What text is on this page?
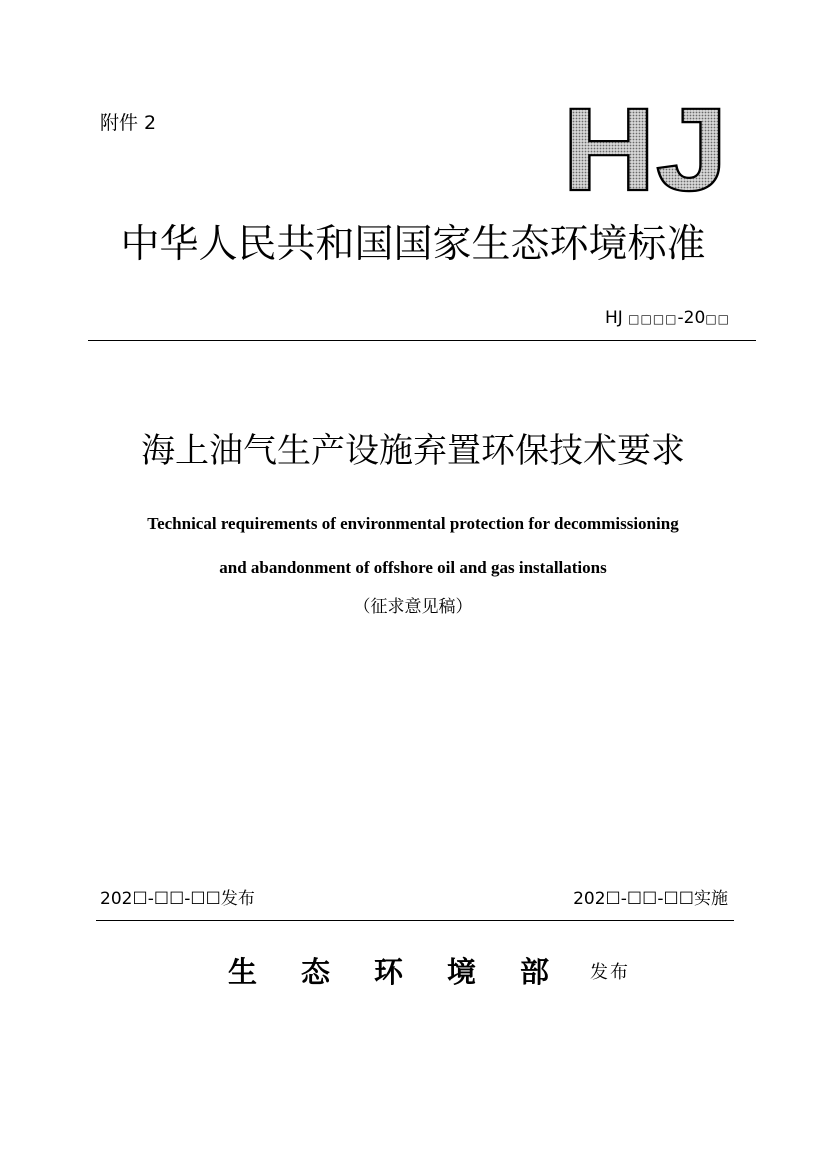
附件 2	HJ
中华人民共和国国家生态环境标准
HJ □□□□-20□□
海上油气生产设施弃置环保技术要求
Technical requirements of environmental protection for decommissioning
and abandonment of offshore oil and gas installations
（征求意见稿）
202☐-☐☐-☐☐发布	202☐-☐☐-☐☐实施
生态环境部
发布
